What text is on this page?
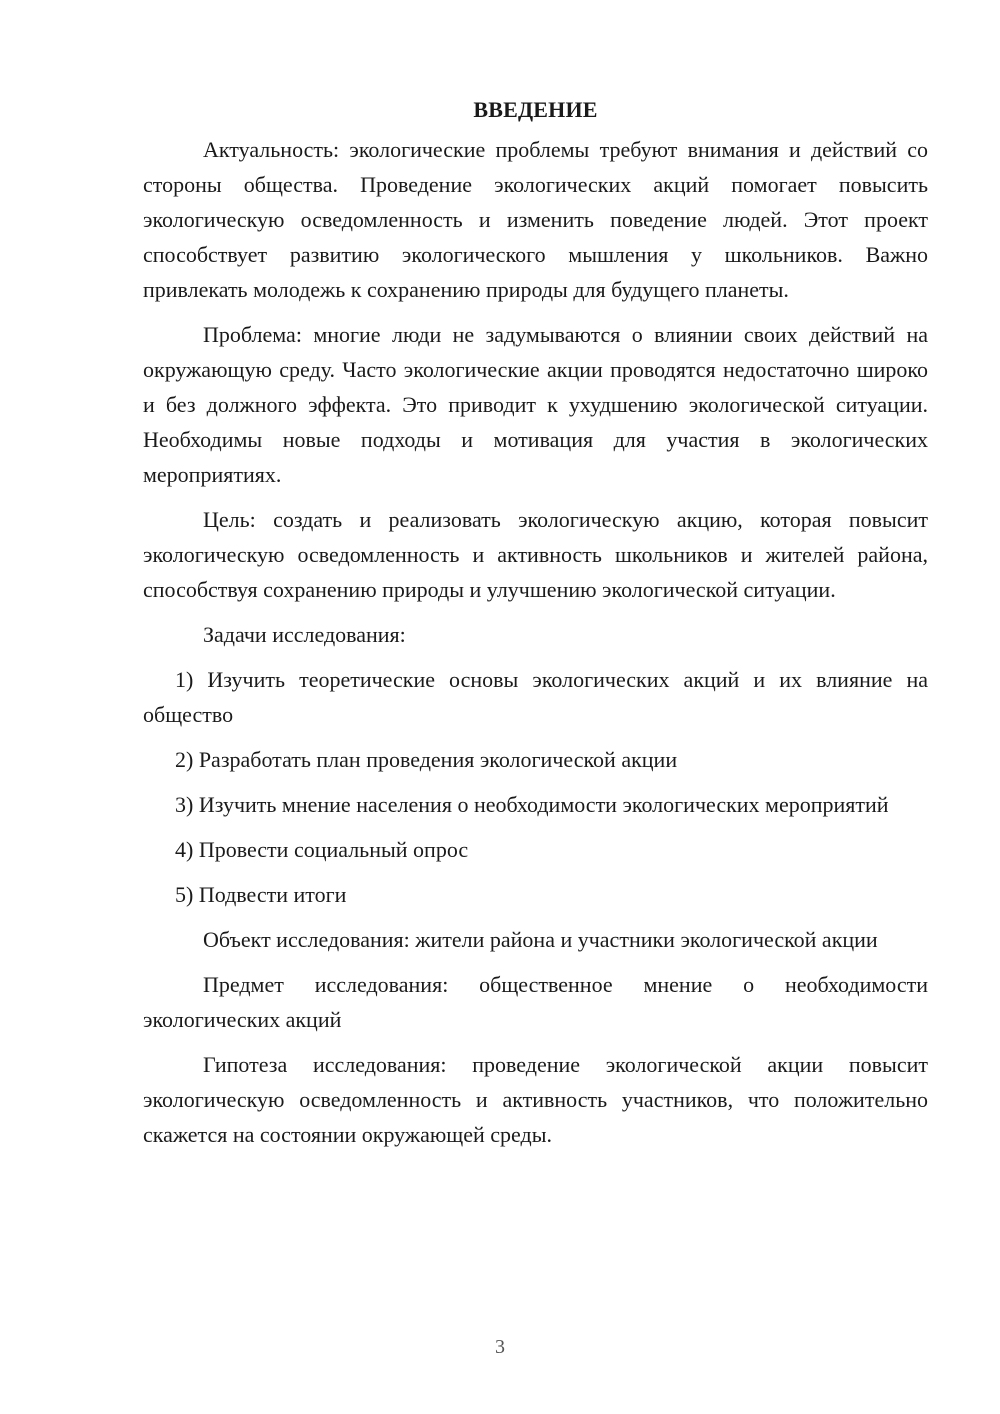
ВВЕДЕНИЕ

Актуальность: экологические проблемы требуют внимания и действий со стороны общества. Проведение экологических акций помогает повысить экологическую осведомленность и изменить поведение людей. Этот проект способствует развитию экологического мышления у школьников. Важно привлекать молодежь к сохранению природы для будущего планеты.

Проблема: многие люди не задумываются о влиянии своих действий на окружающую среду. Часто экологические акции проводятся недостаточно широко и без должного эффекта. Это приводит к ухудшению экологической ситуации. Необходимы новые подходы и мотивация для участия в экологических мероприятиях.

Цель: создать и реализовать экологическую акцию, которая повысит экологическую осведомленность и активность школьников и жителей района, способствуя сохранению природы и улучшению экологической ситуации.

Задачи исследования:

1) Изучить теоретические основы экологических акций и их влияние на общество

2) Разработать план проведения экологической акции

3) Изучить мнение населения о необходимости экологических мероприятий

4) Провести социальный опрос

5) Подвести итоги

Объект исследования: жители района и участники экологической акции

Предмет исследования: общественное мнение о необходимости экологических акций

Гипотеза исследования: проведение экологической акции повысит экологическую осведомленность и активность участников, что положительно скажется на состоянии окружающей среды.

3
